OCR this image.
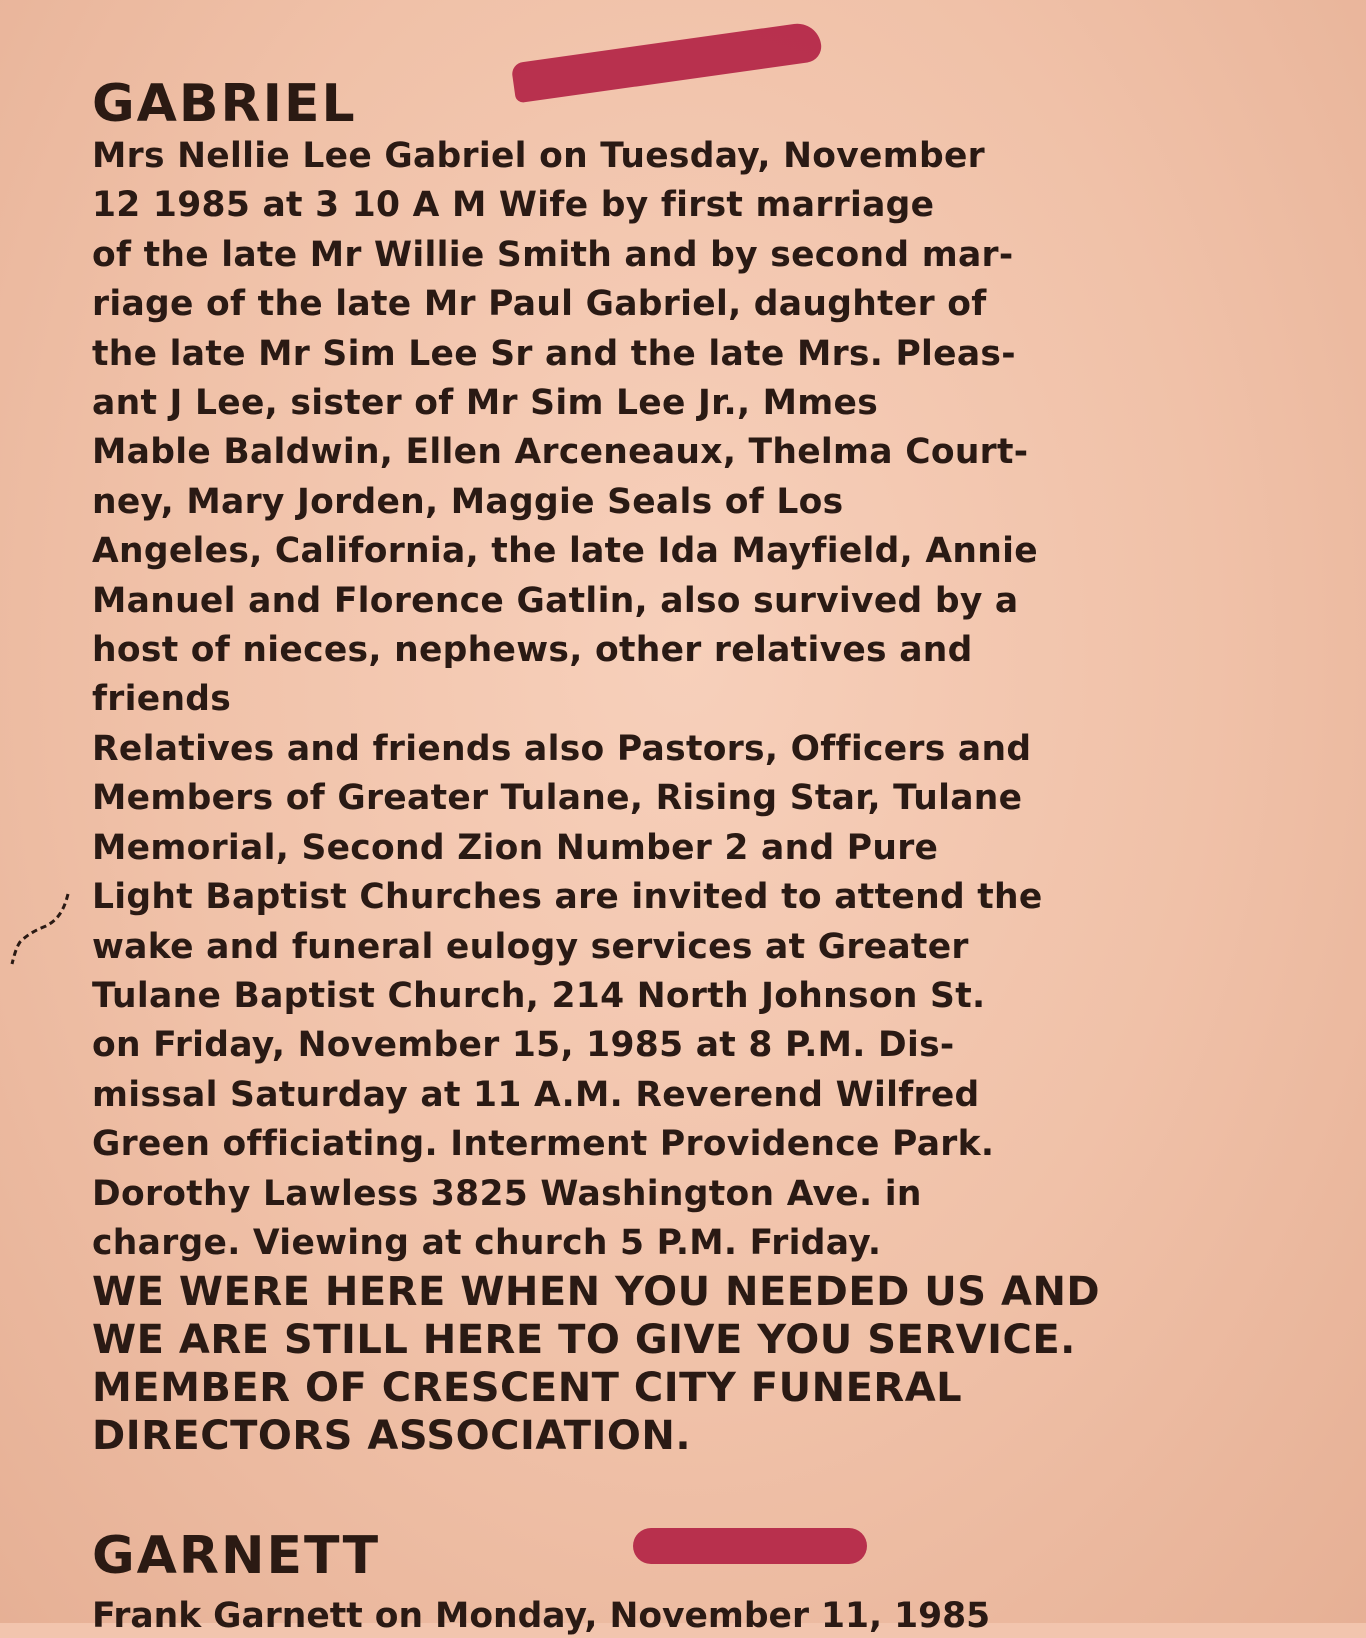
GABRIEL

Mrs Nellie Lee Gabriel on Tuesday, November
12 1985 at 3 10 A M Wife by first marriage
of the late Mr Willie Smith and by second mar-
riage of the late Mr Paul Gabriel, daughter of
the late Mr Sim Lee Sr and the late Mrs. Pleas-
ant J Lee, sister of Mr Sim Lee Jr., Mmes
Mable Baldwin, Ellen Arceneaux, Thelma Court-
ney, Mary Jorden, Maggie Seals of Los
Angeles, California, the late Ida Mayfield, Annie
Manuel and Florence Gatlin, also survived by a
host of nieces, nephews, other relatives and
friends

Relatives and friends also Pastors, Officers and
Members of Greater Tulane, Rising Star, Tulane
Memorial, Second Zion Number 2 and Pure
Light Baptist Churches are invited to attend the
wake and funeral eulogy services at Greater
Tulane Baptist Church, 214 North Johnson St.
on Friday, November 15, 1985 at 8 P.M. Dis-
missal Saturday at 11 A.M. Reverend Wilfred
Green officiating. Interment Providence Park.
Dorothy Lawless 3825 Washington Ave. in
charge. Viewing at church 5 P.M. Friday.

WE WERE HERE WHEN YOU NEEDED US AND
WE ARE STILL HERE TO GIVE YOU SERVICE.
MEMBER OF CRESCENT CITY FUNERAL
DIRECTORS ASSOCIATION.

GARNETT
Frank Garnett on Monday, November 11, 1985
